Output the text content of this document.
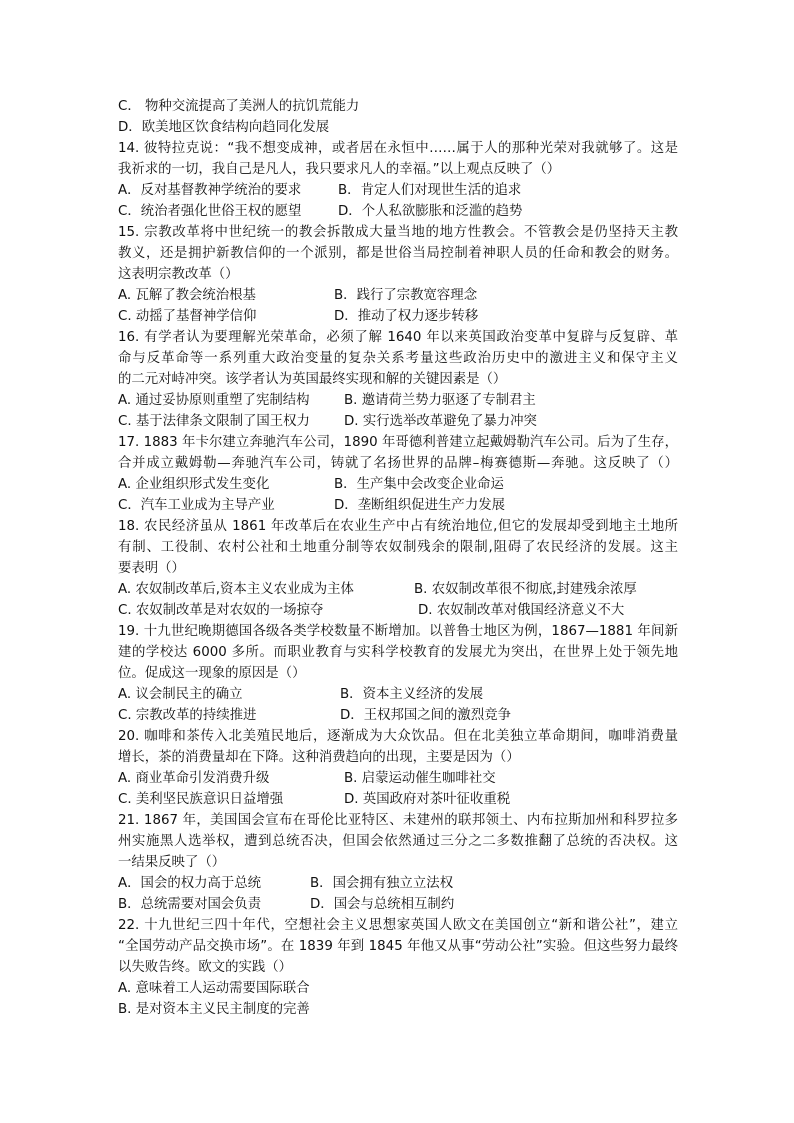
C． 物种交流提高了美洲人的抗饥荒能力
D．欧美地区饮食结构向趋同化发展
14. 彼特拉克说：“我不想变成神，或者居在永恒中……属于人的那种光荣对我就够了。这是
我祈求的一切，我自己是凡人，我只要求凡人的幸福。”以上观点反映了（）
A．反对基督教神学统治的要求	B．肯定人们对现世生活的追求
C．统治者强化世俗王权的愿望	D．个人私欲膨胀和泛滥的趋势
15. 宗教改革将中世纪统一的教会拆散成大量当地的地方性教会。不管教会是仍坚持天主教
教义，还是拥护新教信仰的一个派别，都是世俗当局控制着神职人员的任命和教会的财务。
这表明宗教改革（）
A. 瓦解了教会统治根基	B．践行了宗教宽容理念
C. 动摇了基督神学信仰	D．推动了权力逐步转移
16. 有学者认为要理解光荣革命，必须了解 1640 年以来英国政治变革中复辟与反复辟、革
命与反革命等一系列重大政治变量的复杂关系考量这些政治历史中的激进主义和保守主义
的二元对峙冲突。该学者认为英国最终实现和解的关键因素是（）
A. 通过妥协原则重塑了宪制结构	B. 邀请荷兰势力驱逐了专制君主
C. 基于法律条文限制了国王权力	D. 实行选举改革避免了暴力冲突
17. 1883 年卡尔建立奔驰汽车公司，1890 年哥德利普建立起戴姆勒汽车公司。后为了生存，
合并成立戴姆勒—奔驰汽车公司，铸就了名扬世界的品牌–梅赛德斯—奔驰。这反映了（）
A. 企业组织形式发生变化	B．生产集中会改变企业命运
C．汽车工业成为主导产业	D．垄断组织促进生产力发展
18. 农民经济虽从 1861 年改革后在农业生产中占有统治地位,但它的发展却受到地主土地所
有制、工役制、农村公社和土地重分制等农奴制残余的限制,阻碍了农民经济的发展。这主
要表明（）
A. 农奴制改革后,资本主义农业成为主体	B. 农奴制改革很不彻底,封建残余浓厚
C. 农奴制改革是对农奴的一场掠夺	D. 农奴制改革对俄国经济意义不大
19. 十九世纪晚期德国各级各类学校数量不断增加。以普鲁士地区为例，1867—1881 年间新
建的学校达 6000 多所。而职业教育与实科学校教育的发展尤为突出，在世界上处于领先地
位。促成这一现象的原因是（）
A. 议会制民主的确立	B．资本主义经济的发展
C. 宗教改革的持续推进	D．王权邦国之间的激烈竞争
20. 咖啡和茶传入北美殖民地后，逐渐成为大众饮品。但在北美独立革命期间，咖啡消费量
增长，茶的消费量却在下降。这种消费趋向的出现，主要是因为（）
A. 商业革命引发消费升级	B. 启蒙运动催生咖啡社交
C. 美利坚民族意识日益增强	D. 英国政府对茶叶征收重税
21. 1867 年，美国国会宣布在哥伦比亚特区、未建州的联邦领土、内布拉斯加州和科罗拉多
州实施黑人选举权，遭到总统否决，但国会依然通过三分之二多数推翻了总统的否决权。这
一结果反映了（）
A．国会的权力高于总统	B．国会拥有独立立法权
B．总统需要对国会负责	D．国会与总统相互制约
22. 十九世纪三四十年代，空想社会主义思想家英国人欧文在美国创立“新和谐公社”，建立
“全国劳动产品交换市场”。在 1839 年到 1845 年他又从事“劳动公社”实验。但这些努力最终
以失败告终。欧文的实践（）
A. 意味着工人运动需要国际联合
B. 是对资本主义民主制度的完善
